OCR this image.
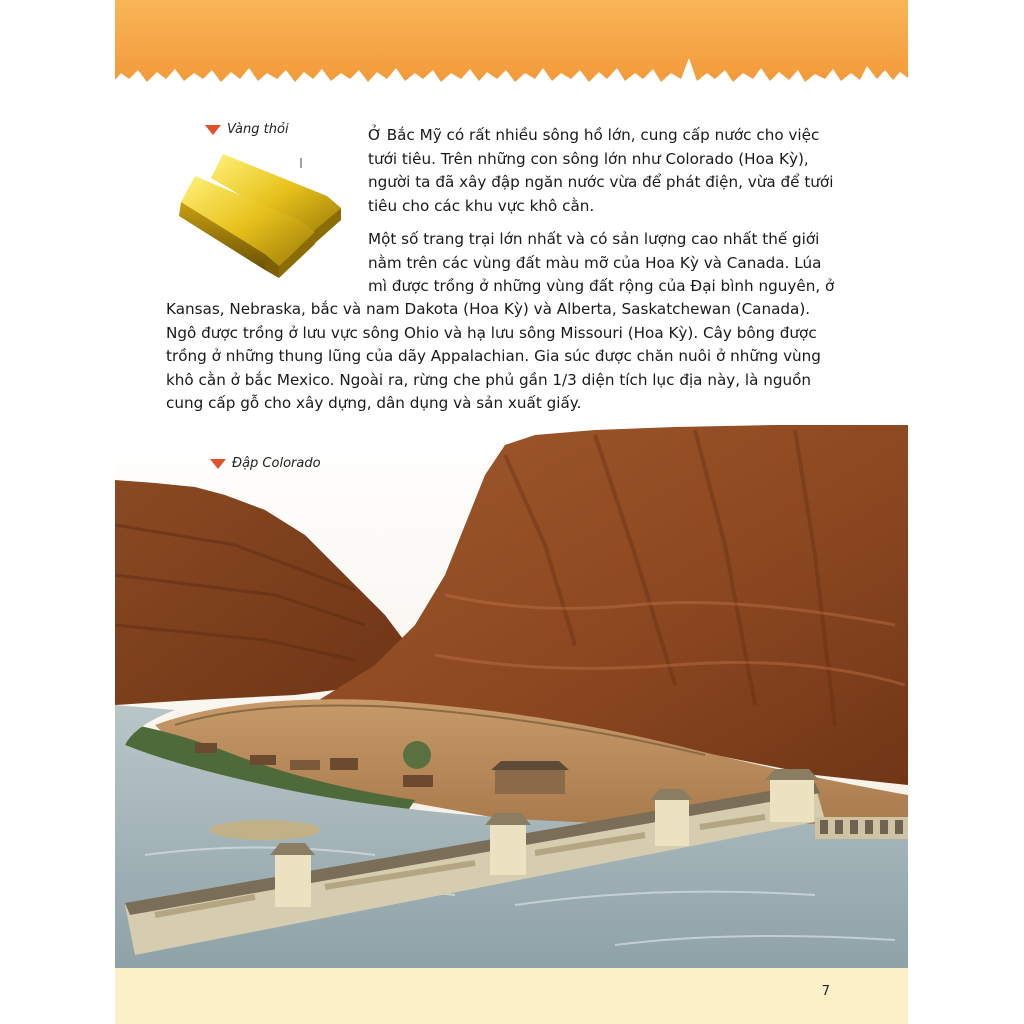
Vàng thỏi	Ở Bắc Mỹ có rất nhiều sông hồ lớn, cung cấp nước cho việc tưới tiêu. Trên những con sông lớn như Colorado (Hoa Kỳ), người ta đã xây đập ngăn nước vừa để phát điện, vừa để tưới tiêu cho các khu vực khô cằn.

Một số trang trại lớn nhất và có sản lượng cao nhất thế giới nằm trên các vùng đất màu mỡ của Hoa Kỳ và Canada. Lúa mì được trồng ở những vùng đất rộng của Đại bình nguyên, ở

Kansas, Nebraska, bắc và nam Dakota (Hoa Kỳ) và Alberta, Saskatchewan (Canada). Ngô được trồng ở lưu vực sông Ohio và hạ lưu sông Missouri (Hoa Kỳ). Cây bông được trồng ở những thung lũng của dãy Appalachian. Gia súc được chăn nuôi ở những vùng khô cằn ở bắc Mexico. Ngoài ra, rừng che phủ gần 1/3 diện tích lục địa này, là nguồn cung cấp gỗ cho xây dựng, dân dụng và sản xuất giấy.

Đập Colorado
7
